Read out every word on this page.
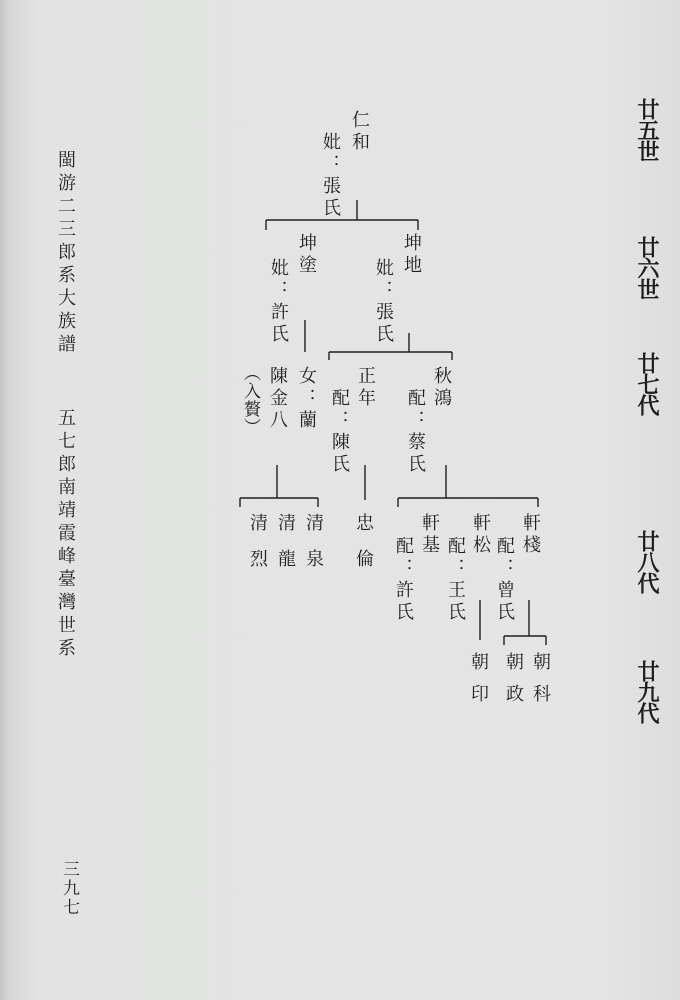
閩游二三郎系大族譜
五七郎南靖霞峰臺灣世系
三九七
廿五世
廿六世
廿七代
廿八代
廿九代
仁和
妣：張氏
坤地
妣：張氏
坤塗
妣：許氏
秋鴻
配：蔡氏
正年
配：陳氏
女：蘭
陳金八
（入贅）
軒棧
配：曾氏
軒松
配：王氏
軒基
配：許氏
忠倫
清泉
清龍
清烈
朝科
朝政
朝印
